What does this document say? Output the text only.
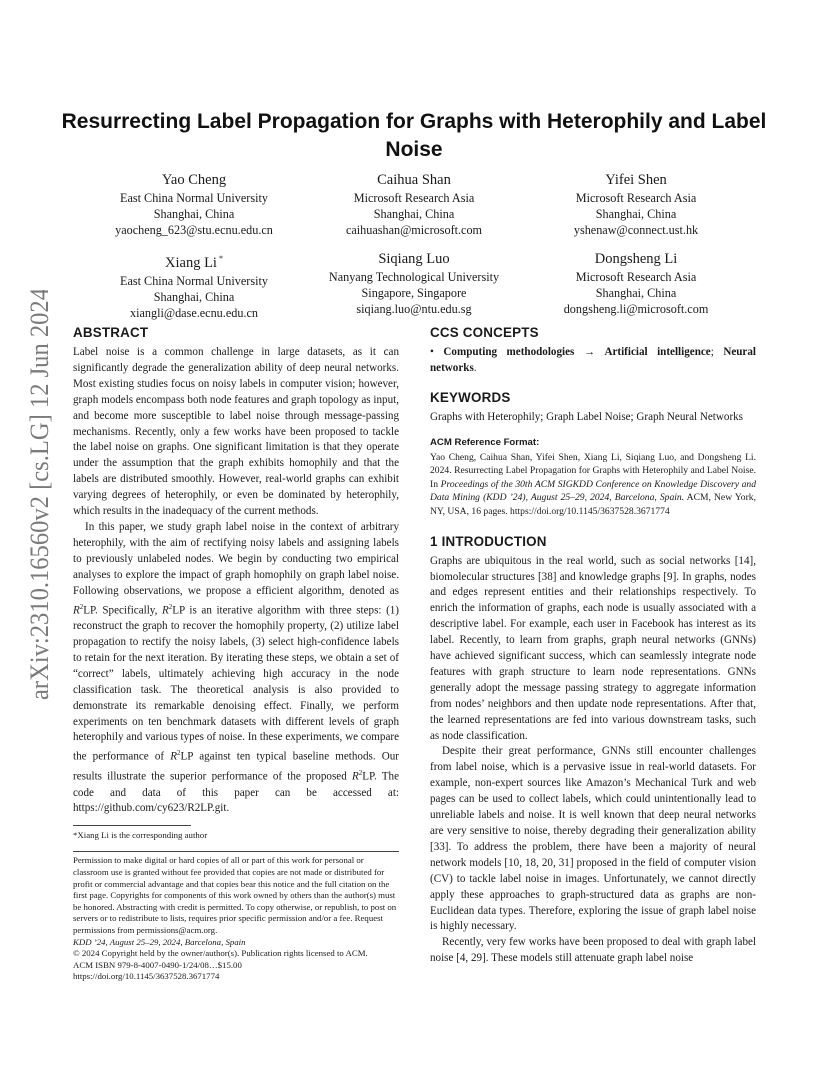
arXiv:2310.16560v2 [cs.LG] 12 Jun 2024
Resurrecting Label Propagation for Graphs with Heterophily and Label Noise
Yao Cheng
East China Normal University
Shanghai, China
yaocheng_623@stu.ecnu.edu.cn
Caihua Shan
Microsoft Research Asia
Shanghai, China
caihuashan@microsoft.com
Yifei Shen
Microsoft Research Asia
Shanghai, China
yshenaw@connect.ust.hk
Xiang Li *
East China Normal University
Shanghai, China
xiangli@dase.ecnu.edu.cn
Siqiang Luo
Nanyang Technological University
Singapore, Singapore
siqiang.luo@ntu.edu.sg
Dongsheng Li
Microsoft Research Asia
Shanghai, China
dongsheng.li@microsoft.com
ABSTRACT

Label noise is a common challenge in large datasets, as it can significantly degrade the generalization ability of deep neural networks. Most existing studies focus on noisy labels in computer vision; however, graph models encompass both node features and graph topology as input, and become more susceptible to label noise through message-passing mechanisms. Recently, only a few works have been proposed to tackle the label noise on graphs. One significant limitation is that they operate under the assumption that the graph exhibits homophily and that the labels are distributed smoothly. However, real-world graphs can exhibit varying degrees of heterophily, or even be dominated by heterophily, which results in the inadequacy of the current methods.

In this paper, we study graph label noise in the context of arbitrary heterophily, with the aim of rectifying noisy labels and assigning labels to previously unlabeled nodes. We begin by conducting two empirical analyses to explore the impact of graph homophily on graph label noise. Following observations, we propose a efficient algorithm, denoted as $R^2LP$. Specifically, $R^2LP$ is an iterative algorithm with three steps: (1) reconstruct the graph to recover the homophily property, (2) utilize label propagation to rectify the noisy labels, (3) select high-confidence labels to retain for the next iteration. By iterating these steps, we obtain a set of “correct” labels, ultimately achieving high accuracy in the node classification task. The theoretical analysis is also provided to demonstrate its remarkable denoising effect. Finally, we perform experiments on ten benchmark datasets with different levels of graph heterophily and various types of noise. In these experiments, we compare the performance of $R^2LP$ against ten typical baseline methods. Our results illustrate the superior performance of the proposed $R^2LP$. The code and data of this paper can be accessed at: https://github.com/cy623/R2LP.git.

*Xiang Li is the corresponding author
Permission to make digital or hard copies of all or part of this work for personal or classroom use is granted without fee provided that copies are not made or distributed for profit or commercial advantage and that copies bear this notice and the full citation on the first page. Copyrights for components of this work owned by others than the author(s) must be honored. Abstracting with credit is permitted. To copy otherwise, or republish, to post on servers or to redistribute to lists, requires prior specific permission and/or a fee. Request permissions from permissions@acm.org.
KDD ’24, August 25–29, 2024, Barcelona, Spain
© 2024 Copyright held by the owner/author(s). Publication rights licensed to ACM.
ACM ISBN 979-8-4007-0490-1/24/08…$15.00
https://doi.org/10.1145/3637528.3671774
CCS CONCEPTS

• Computing methodologies → Artificial intelligence; Neural networks.

KEYWORDS

Graphs with Heterophily; Graph Label Noise; Graph Neural Networks

ACM Reference Format:

Yao Cheng, Caihua Shan, Yifei Shen, Xiang Li, Siqiang Luo, and Dongsheng Li. 2024. Resurrecting Label Propagation for Graphs with Heterophily and Label Noise. In Proceedings of the 30th ACM SIGKDD Conference on Knowledge Discovery and Data Mining (KDD ’24), August 25–29, 2024, Barcelona, Spain. ACM, New York, NY, USA, 16 pages. https://doi.org/10.1145/3637528.3671774

1 INTRODUCTION

Graphs are ubiquitous in the real world, such as social networks [14], biomolecular structures [38] and knowledge graphs [9]. In graphs, nodes and edges represent entities and their relationships respectively. To enrich the information of graphs, each node is usually associated with a descriptive label. For example, each user in Facebook has interest as its label. Recently, to learn from graphs, graph neural networks (GNNs) have achieved significant success, which can seamlessly integrate node features with graph structure to learn node representations. GNNs generally adopt the message passing strategy to aggregate information from nodes’ neighbors and then update node representations. After that, the learned representations are fed into various downstream tasks, such as node classification.

Despite their great performance, GNNs still encounter challenges from label noise, which is a pervasive issue in real-world datasets. For example, non-expert sources like Amazon’s Mechanical Turk and web pages can be used to collect labels, which could unintentionally lead to unreliable labels and noise. It is well known that deep neural networks are very sensitive to noise, thereby degrading their generalization ability [33]. To address the problem, there have been a majority of neural network models [10, 18, 20, 31] proposed in the field of computer vision (CV) to tackle label noise in images. Unfortunately, we cannot directly apply these approaches to graph-structured data as graphs are non-Euclidean data types. Therefore, exploring the issue of graph label noise is highly necessary.

Recently, very few works have been proposed to deal with graph label noise [4, 29]. These models still attenuate graph label noise
